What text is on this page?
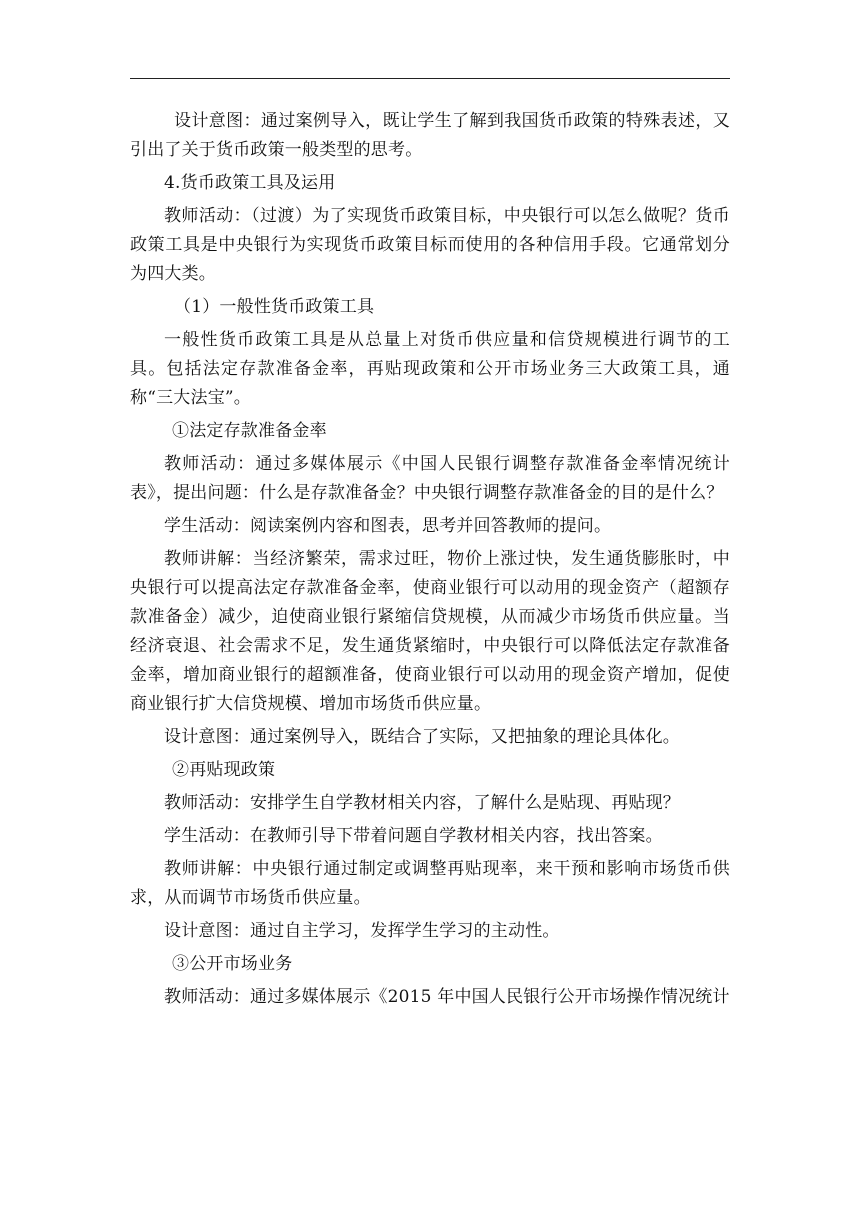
设计意图：通过案例导入，既让学生了解到我国货币政策的特殊表述，又引出了关于货币政策一般类型的思考。

4.货币政策工具及运用

教师活动：（过渡）为了实现货币政策目标，中央银行可以怎么做呢？货币政策工具是中央银行为实现货币政策目标而使用的各种信用手段。它通常划分为四大类。

（1）一般性货币政策工具

一般性货币政策工具是从总量上对货币供应量和信贷规模进行调节的工具。包括法定存款准备金率，再贴现政策和公开市场业务三大政策工具，通称“三大法宝”。

①法定存款准备金率

教师活动：通过多媒体展示《中国人民银行调整存款准备金率情况统计表》，提出问题：什么是存款准备金？中央银行调整存款准备金的目的是什么？

学生活动：阅读案例内容和图表，思考并回答教师的提问。

教师讲解：当经济繁荣，需求过旺，物价上涨过快，发生通货膨胀时，中央银行可以提高法定存款准备金率，使商业银行可以动用的现金资产（超额存款准备金）减少，迫使商业银行紧缩信贷规模，从而减少市场货币供应量。当经济衰退、社会需求不足，发生通货紧缩时，中央银行可以降低法定存款准备金率，增加商业银行的超额准备，使商业银行可以动用的现金资产增加，促使商业银行扩大信贷规模、增加市场货币供应量。

设计意图：通过案例导入，既结合了实际，又把抽象的理论具体化。

②再贴现政策

教师活动：安排学生自学教材相关内容，了解什么是贴现、再贴现？

学生活动：在教师引导下带着问题自学教材相关内容，找出答案。

教师讲解：中央银行通过制定或调整再贴现率，来干预和影响市场货币供求，从而调节市场货币供应量。

设计意图：通过自主学习，发挥学生学习的主动性。

③公开市场业务

教师活动：通过多媒体展示《2015 年中国人民银行公开市场操作情况统计
